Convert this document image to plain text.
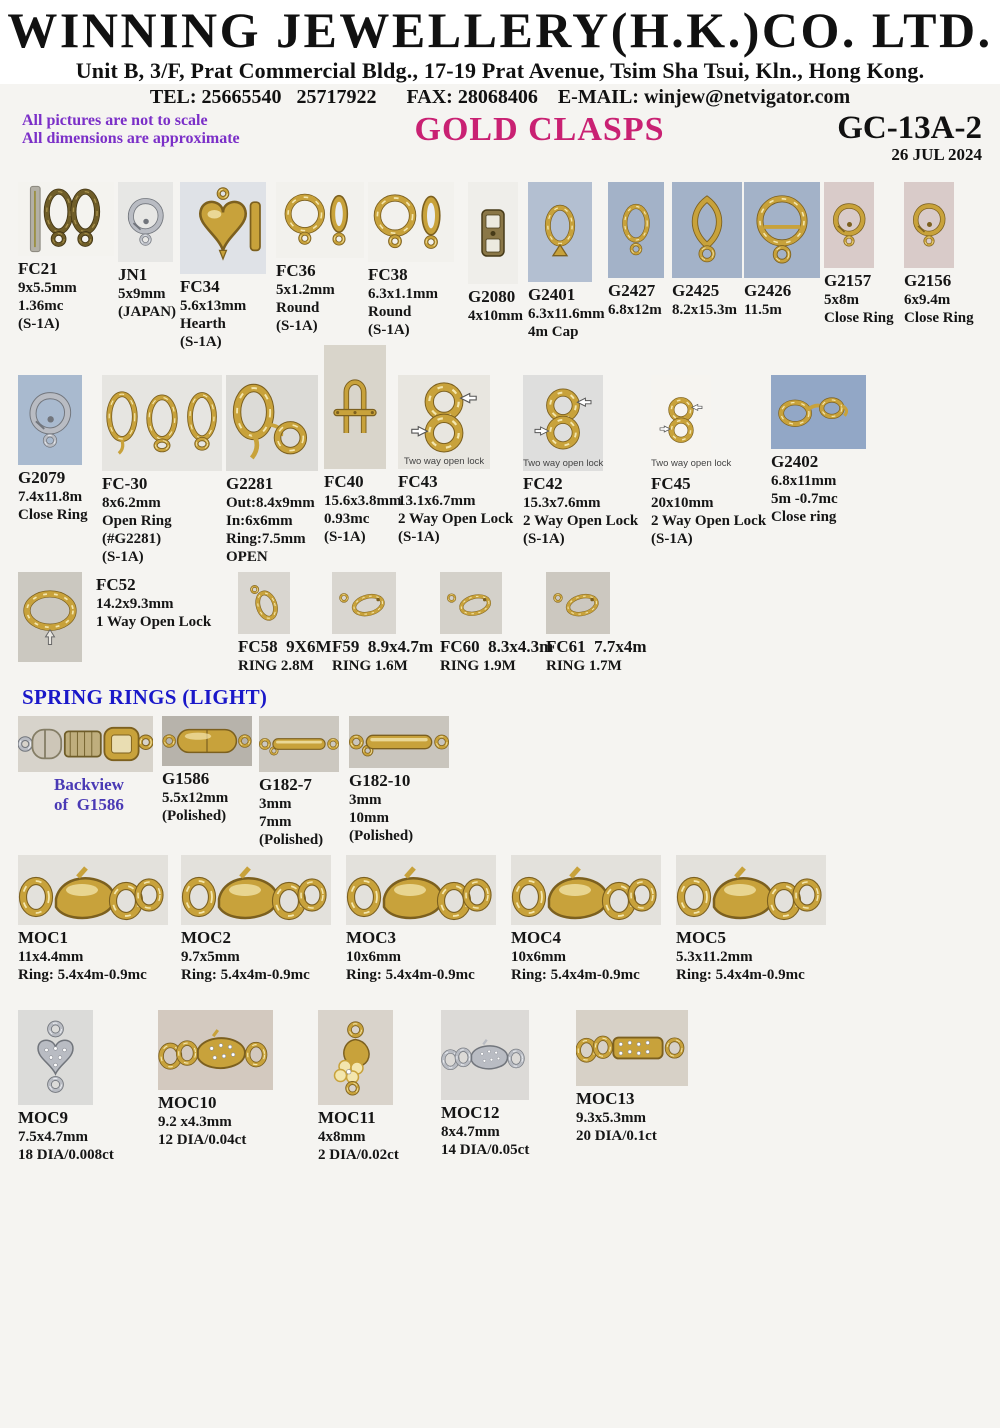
WINNING JEWELLERY(H.K.)CO. LTD.
Unit B, 3/F, Prat Commercial Bldg., 17-19 Prat Avenue, Tsim Sha Tsui, Kln., Hong Kong.
TEL: 25665540   25717922      FAX: 28068406    E-MAIL: winjew@netvigator.com
All pictures are not to scale
All dimensions are approximate	GOLD CLASPS	GC-13A-2
26 JUL 2024
FC21
9x5.5mm
1.36mc
(S-1A)
JN1
5x9mm
(JAPAN)
FC34
5.6x13mm
Hearth
(S-1A)
FC36
5x1.2mm
Round
(S-1A)
FC38
6.3x1.1mm
Round
(S-1A)
G2080
4x10mm
G2401
6.3x11.6mm
4m Cap
G2427
6.8x12m
G2425
8.2x15.3m
G2426
11.5m
G2157
5x8m
Close Ring
G2156
6x9.4m
Close Ring
G2079
7.4x11.8m
Close Ring
FC-30
8x6.2mm
Open Ring
(#G2281)
(S-1A)
G2281
Out:8.4x9mm
In:6x6mm
Ring:7.5mm
OPEN
FC40
15.6x3.8mm
0.93mc
(S-1A)
Two way open lock
FC43
13.1x6.7mm
2 Way Open Lock
(S-1A)
Two way open lock
FC42
15.3x7.6mm
2 Way Open Lock
(S-1A)
Two way open lock
FC45
20x10mm
2 Way Open Lock
(S-1A)
G2402
6.8x11mm
5m -0.7mc
Close ring
FC52
14.2x9.3mm
1 Way Open Lock
FC58  9X6M
RING 2.8M
F59  8.9x4.7m
RING 1.6M
FC60  8.3x4.3m
RING 1.9M
FC61  7.7x4m
RING 1.7M
SPRING RINGS (LIGHT)
Backview
of  G1586
G1586
5.5x12mm
(Polished)
G182-7
3mm
7mm
(Polished)
G182-10
3mm
10mm
(Polished)
MOC1
11x4.4mm
Ring: 5.4x4m-0.9mc
MOC2
9.7x5mm
Ring: 5.4x4m-0.9mc
MOC3
10x6mm
Ring: 5.4x4m-0.9mc
MOC4
10x6mm
Ring: 5.4x4m-0.9mc
MOC5
5.3x11.2mm
Ring: 5.4x4m-0.9mc
MOC9
7.5x4.7mm
18 DIA/0.008ct
MOC10
9.2 x4.3mm
12 DIA/0.04ct
MOC11
4x8mm
2 DIA/0.02ct
MOC12
8x4.7mm
14 DIA/0.05ct
MOC13
9.3x5.3mm
20 DIA/0.1ct
